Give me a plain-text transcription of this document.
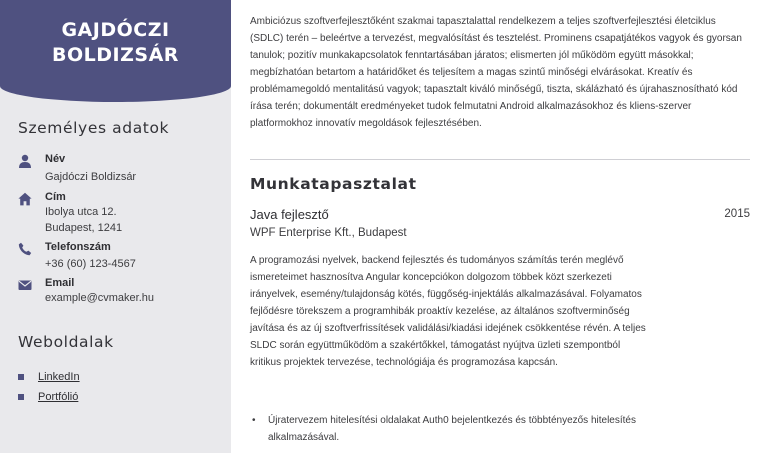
GAJDÓCZI
BOLDIZSÁR
Személyes adatok
Név
Gajdóczi Boldizsár
Cím
Ibolya utca 12.
Budapest, 1241
Telefonszám
+36 (60) 123-4567
Email
example@cvmaker.hu
Weboldalak
LinkedIn
Portfólió

Ambiciózus szoftverfejlesztőként szakmai tapasztalattal rendelkezem a teljes szoftverfejlesztési életciklus (SDLC) terén – beleértve a tervezést, megvalósítást és tesztelést. Prominens csapatjátékos vagyok és gyorsan tanulok; pozitív munkakapcsolatok fenntartásában járatos; elismerten jól működöm együtt másokkal; megbízhatóan betartom a határidőket és teljesítem a magas szintű minőségi elvárásokat. Kreatív és problémamegoldó mentalitású vagyok; tapasztalt kiváló minőségű, tiszta, skálázható és újrahasznosítható kód írása terén; dokumentált eredményeket tudok felmutatni Android alkalmazásokhoz és kliens-szerver platformokhoz innovatív megoldások fejlesztésében.

Munkatapasztalat
Java fejlesztő	2015
WPF Enterprise Kft., Budapest

A programozási nyelvek, backend fejlesztés és tudományos számítás terén meglévő ismereteimet hasznosítva Angular koncepciókon dolgozom többek közt szerkezeti irányelvek, esemény/tulajdonság kötés, függőség-injektálás alkalmazásával. Folyamatos fejlődésre törekszem a programhibák proaktív kezelése, az általános szoftverminőség javítása és az új szoftverfrissítések validálási/kiadási idejének csökkentése révén. A teljes SLDC során együttműködöm a szakértőkkel, támogatást nyújtva üzleti szempontból kritikus projektek tervezése, technológiája és programozása kapcsán.

•	Újratervezem hitelesítési oldalakat Auth0 bejelentkezés és többtényezős hitelesítés alkalmazásával.
